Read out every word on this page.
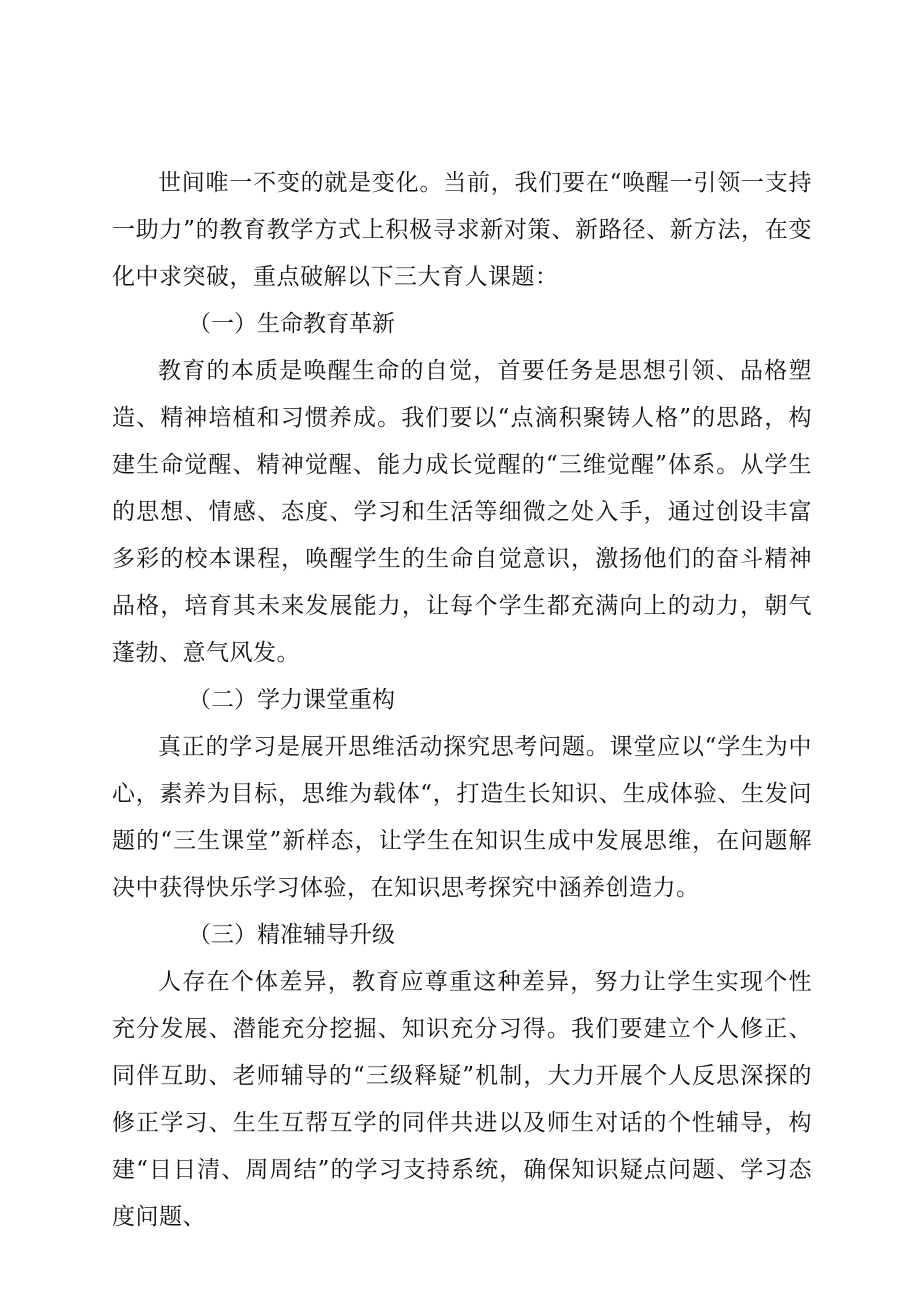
世间唯一不变的就是变化。当前，我们要在“唤醒一引领一支持一助力”的教育教学方式上积极寻求新对策、新路径、新方法，在变化中求突破，重点破解以下三大育人课题：

（一）生命教育革新

教育的本质是唤醒生命的自觉，首要任务是思想引领、品格塑造、精神培植和习惯养成。我们要以“点滴积聚铸人格”的思路，构建生命觉醒、精神觉醒、能力成长觉醒的“三维觉醒”体系。从学生的思想、情感、态度、学习和生活等细微之处入手，通过创设丰富多彩的校本课程，唤醒学生的生命自觉意识，激扬他们的奋斗精神品格，培育其未来发展能力，让每个学生都充满向上的动力，朝气蓬勃、意气风发。

（二）学力课堂重构

真正的学习是展开思维活动探究思考问题。课堂应以“学生为中心，素养为目标，思维为载体“，打造生长知识、生成体验、生发问题的“三生课堂”新样态，让学生在知识生成中发展思维，在问题解决中获得快乐学习体验，在知识思考探究中涵养创造力。

（三）精准辅导升级

人存在个体差异，教育应尊重这种差异，努力让学生实现个性充分发展、潜能充分挖掘、知识充分习得。我们要建立个人修正、同伴互助、老师辅导的“三级释疑”机制，大力开展个人反思深探的修正学习、生生互帮互学的同伴共进以及师生对话的个性辅导，构建“日日清、周周结”的学习支持系统，确保知识疑点问题、学习态度问题、
